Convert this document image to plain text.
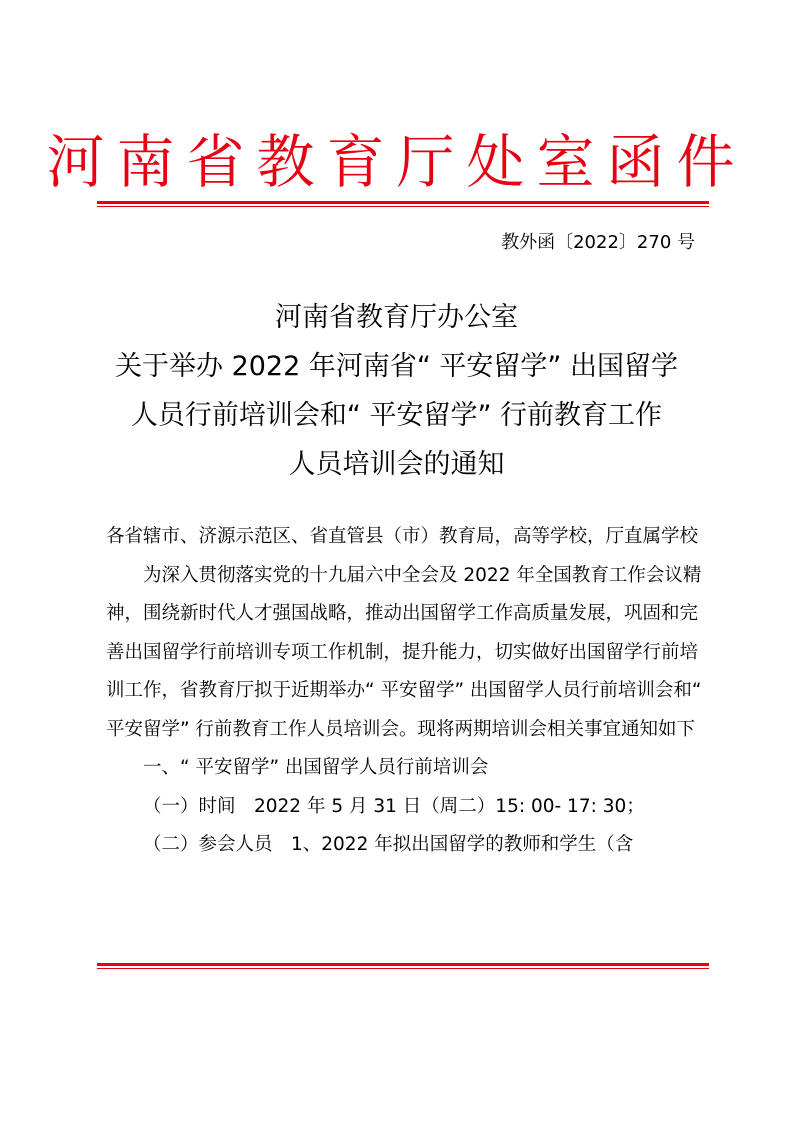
河南省教育厅处室函件
教外函〔2022〕270 号
河南省教育厅办公室
关于举办 2022 年河南省“ 平安留学” 出国留学
人员行前培训会和“ 平安留学” 行前教育工作
人员培训会的通知

各省辖市、济源示范区、省直管县（市）教育局，高等学校，厅直属学校

为深入贯彻落实党的十九届六中全会及 2022 年全国教育工作会议精神，围绕新时代人才强国战略，推动出国留学工作高质量发展，巩固和完善出国留学行前培训专项工作机制，提升能力，切实做好出国留学行前培训工作，省教育厅拟于近期举办“ 平安留学” 出国留学人员行前培训会和“ 平安留学” 行前教育工作人员培训会。现将两期培训会相关事宜通知如下

一、“ 平安留学” 出国留学人员行前培训会

（一）时间　2022 年 5 月 31 日（周二）15: 00- 17: 30；

（二）参会人员　1、2022 年拟出国留学的教师和学生（含
